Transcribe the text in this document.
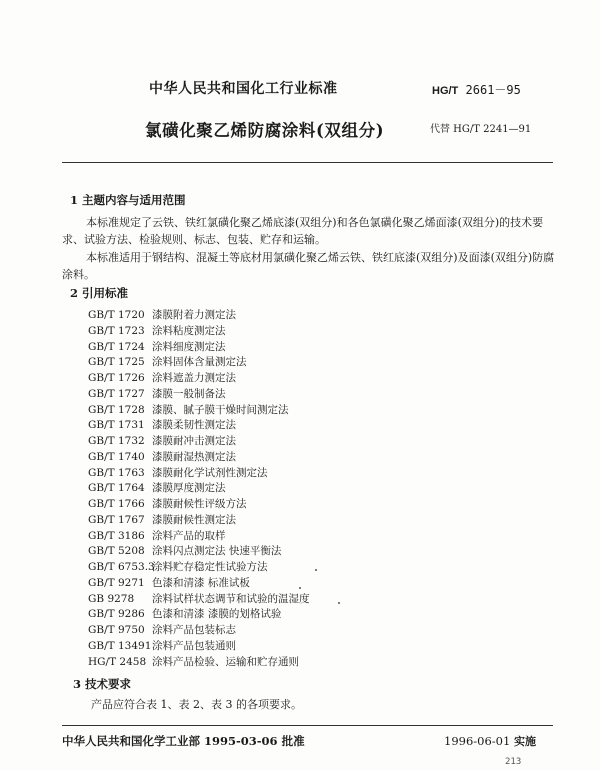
中华人民共和国化工行业标准	HG/T 2661－95
氯磺化聚乙烯防腐涂料(双组分)	代替 HG/T 2241—91
1 主题内容与适用范围
本标准规定了云铁、铁红氯磺化聚乙烯底漆(双组分)和各色氯磺化聚乙烯面漆(双组分)的技术要
求、试验方法、检验规则、标志、包装、贮存和运输。
本标准适用于钢结构、混凝土等底材用氯磺化聚乙烯云铁、铁红底漆(双组分)及面漆(双组分)防腐
涂料。
2 引用标准
GB/T 1720 漆膜附着力测定法
GB/T 1723 涂料粘度测定法
GB/T 1724 涂料细度测定法
GB/T 1725 涂料固体含量测定法
GB/T 1726 涂料遮盖力测定法
GB/T 1727 漆膜一般制备法
GB/T 1728 漆膜、腻子膜干燥时间测定法
GB/T 1731 漆膜柔韧性测定法
GB/T 1732 漆膜耐冲击测定法
GB/T 1740 漆膜耐湿热测定法
GB/T 1763 漆膜耐化学试剂性测定法
GB/T 1764 漆膜厚度测定法
GB/T 1766 漆膜耐候性评级方法
GB/T 1767 漆膜耐候性测定法
GB/T 3186 涂料产品的取样
GB/T 5208 涂料闪点测定法 快速平衡法
GB/T 6753.3涂料贮存稳定性试验方法
GB/T 9271 色漆和清漆 标准试板
GB 9278 涂料试样状态调节和试验的温湿度
GB/T 9286 色漆和清漆 漆膜的划格试验
GB/T 9750 涂料产品包装标志
GB/T 13491涂料产品包装通则
HG/T 2458 涂料产品检验、运输和贮存通则
3 技术要求
产品应符合表 1、表 2、表 3 的各项要求。
中华人民共和国化学工业部 1995-03-06 批准	1996-06-01 实施
213
